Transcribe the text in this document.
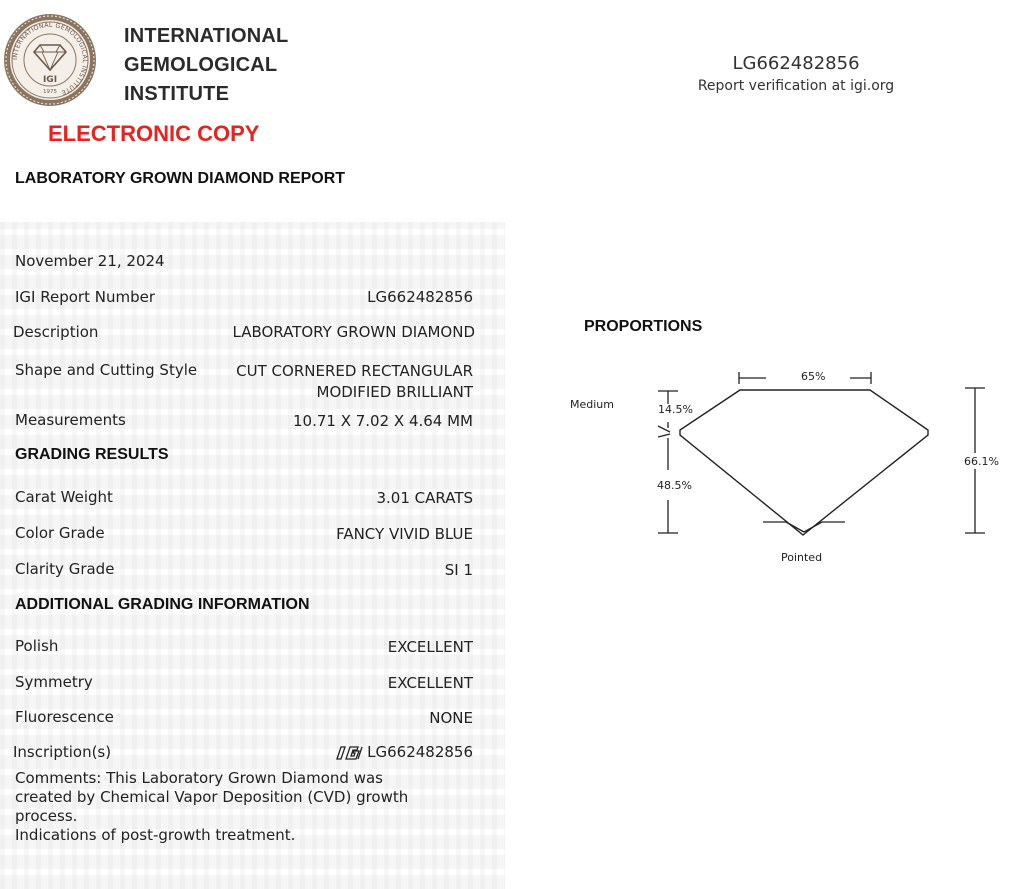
INTERNATIONAL GEMOLOGICAL INSTITUTE
IGI
1975
INTERNATIONAL
GEMOLOGICAL
INSTITUTE
ELECTRONIC COPY
LABORATORY GROWN DIAMOND REPORT
LG662482856
Report verification at igi.org
November 21, 2024
IGI Report Number	LG662482856
Description	LABORATORY GROWN DIAMOND
Shape and Cutting Style	CUT CORNERED RECTANGULAR
MODIFIED BRILLIANT
Measurements	10.71 X 7.02 X 4.64 MM
GRADING RESULTS
Carat Weight	3.01 CARATS
Color Grade	FANCY VIVID BLUE
Clarity Grade	SI 1
ADDITIONAL GRADING INFORMATION
Polish	EXCELLENT
Symmetry	EXCELLENT
Fluorescence	NONE
Inscription(s)	LG662482856
Comments: This Laboratory Grown Diamond was
created by Chemical Vapor Deposition (CVD) growth
process.
Indications of post-growth treatment.
PROPORTIONS
65%
14.5%
48.5%
Medium
66.1%
Pointed
